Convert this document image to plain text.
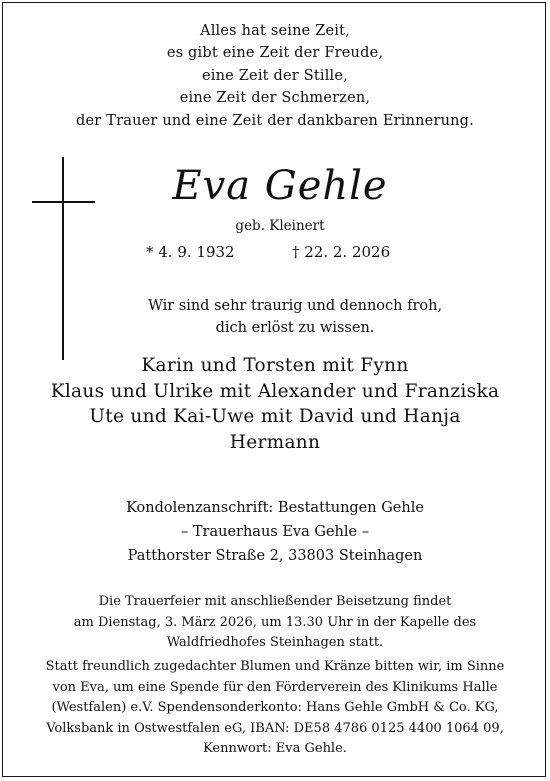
Alles hat seine Zeit,
es gibt eine Zeit der Freude,
eine Zeit der Stille,
eine Zeit der Schmerzen,
der Trauer und eine Zeit der dankbaren Erinnerung.
Eva Gehle
geb. Kleinert
* 4. 9. 1932	† 22. 2. 2026
Wir sind sehr traurig und dennoch froh,
dich erlöst zu wissen.
Karin und Torsten mit Fynn
Klaus und Ulrike mit Alexander und Franziska
Ute und Kai-Uwe mit David und Hanja
Hermann
Kondolenzanschrift: Bestattungen Gehle
– Trauerhaus Eva Gehle –
Patthorster Straße 2, 33803 Steinhagen
Die Trauerfeier mit anschließender Beisetzung findet
am Dienstag, 3. März 2026, um 13.30 Uhr in der Kapelle des
Waldfriedhofes Steinhagen statt.
Statt freundlich zugedachter Blumen und Kränze bitten wir, im Sinne
von Eva, um eine Spende für den Förderverein des Klinikums Halle
(Westfalen) e.V. Spendensonderkonto: Hans Gehle GmbH & Co. KG,
Volksbank in Ostwestfalen eG, IBAN: DE58 4786 0125 4400 1064 09,
Kennwort: Eva Gehle.
